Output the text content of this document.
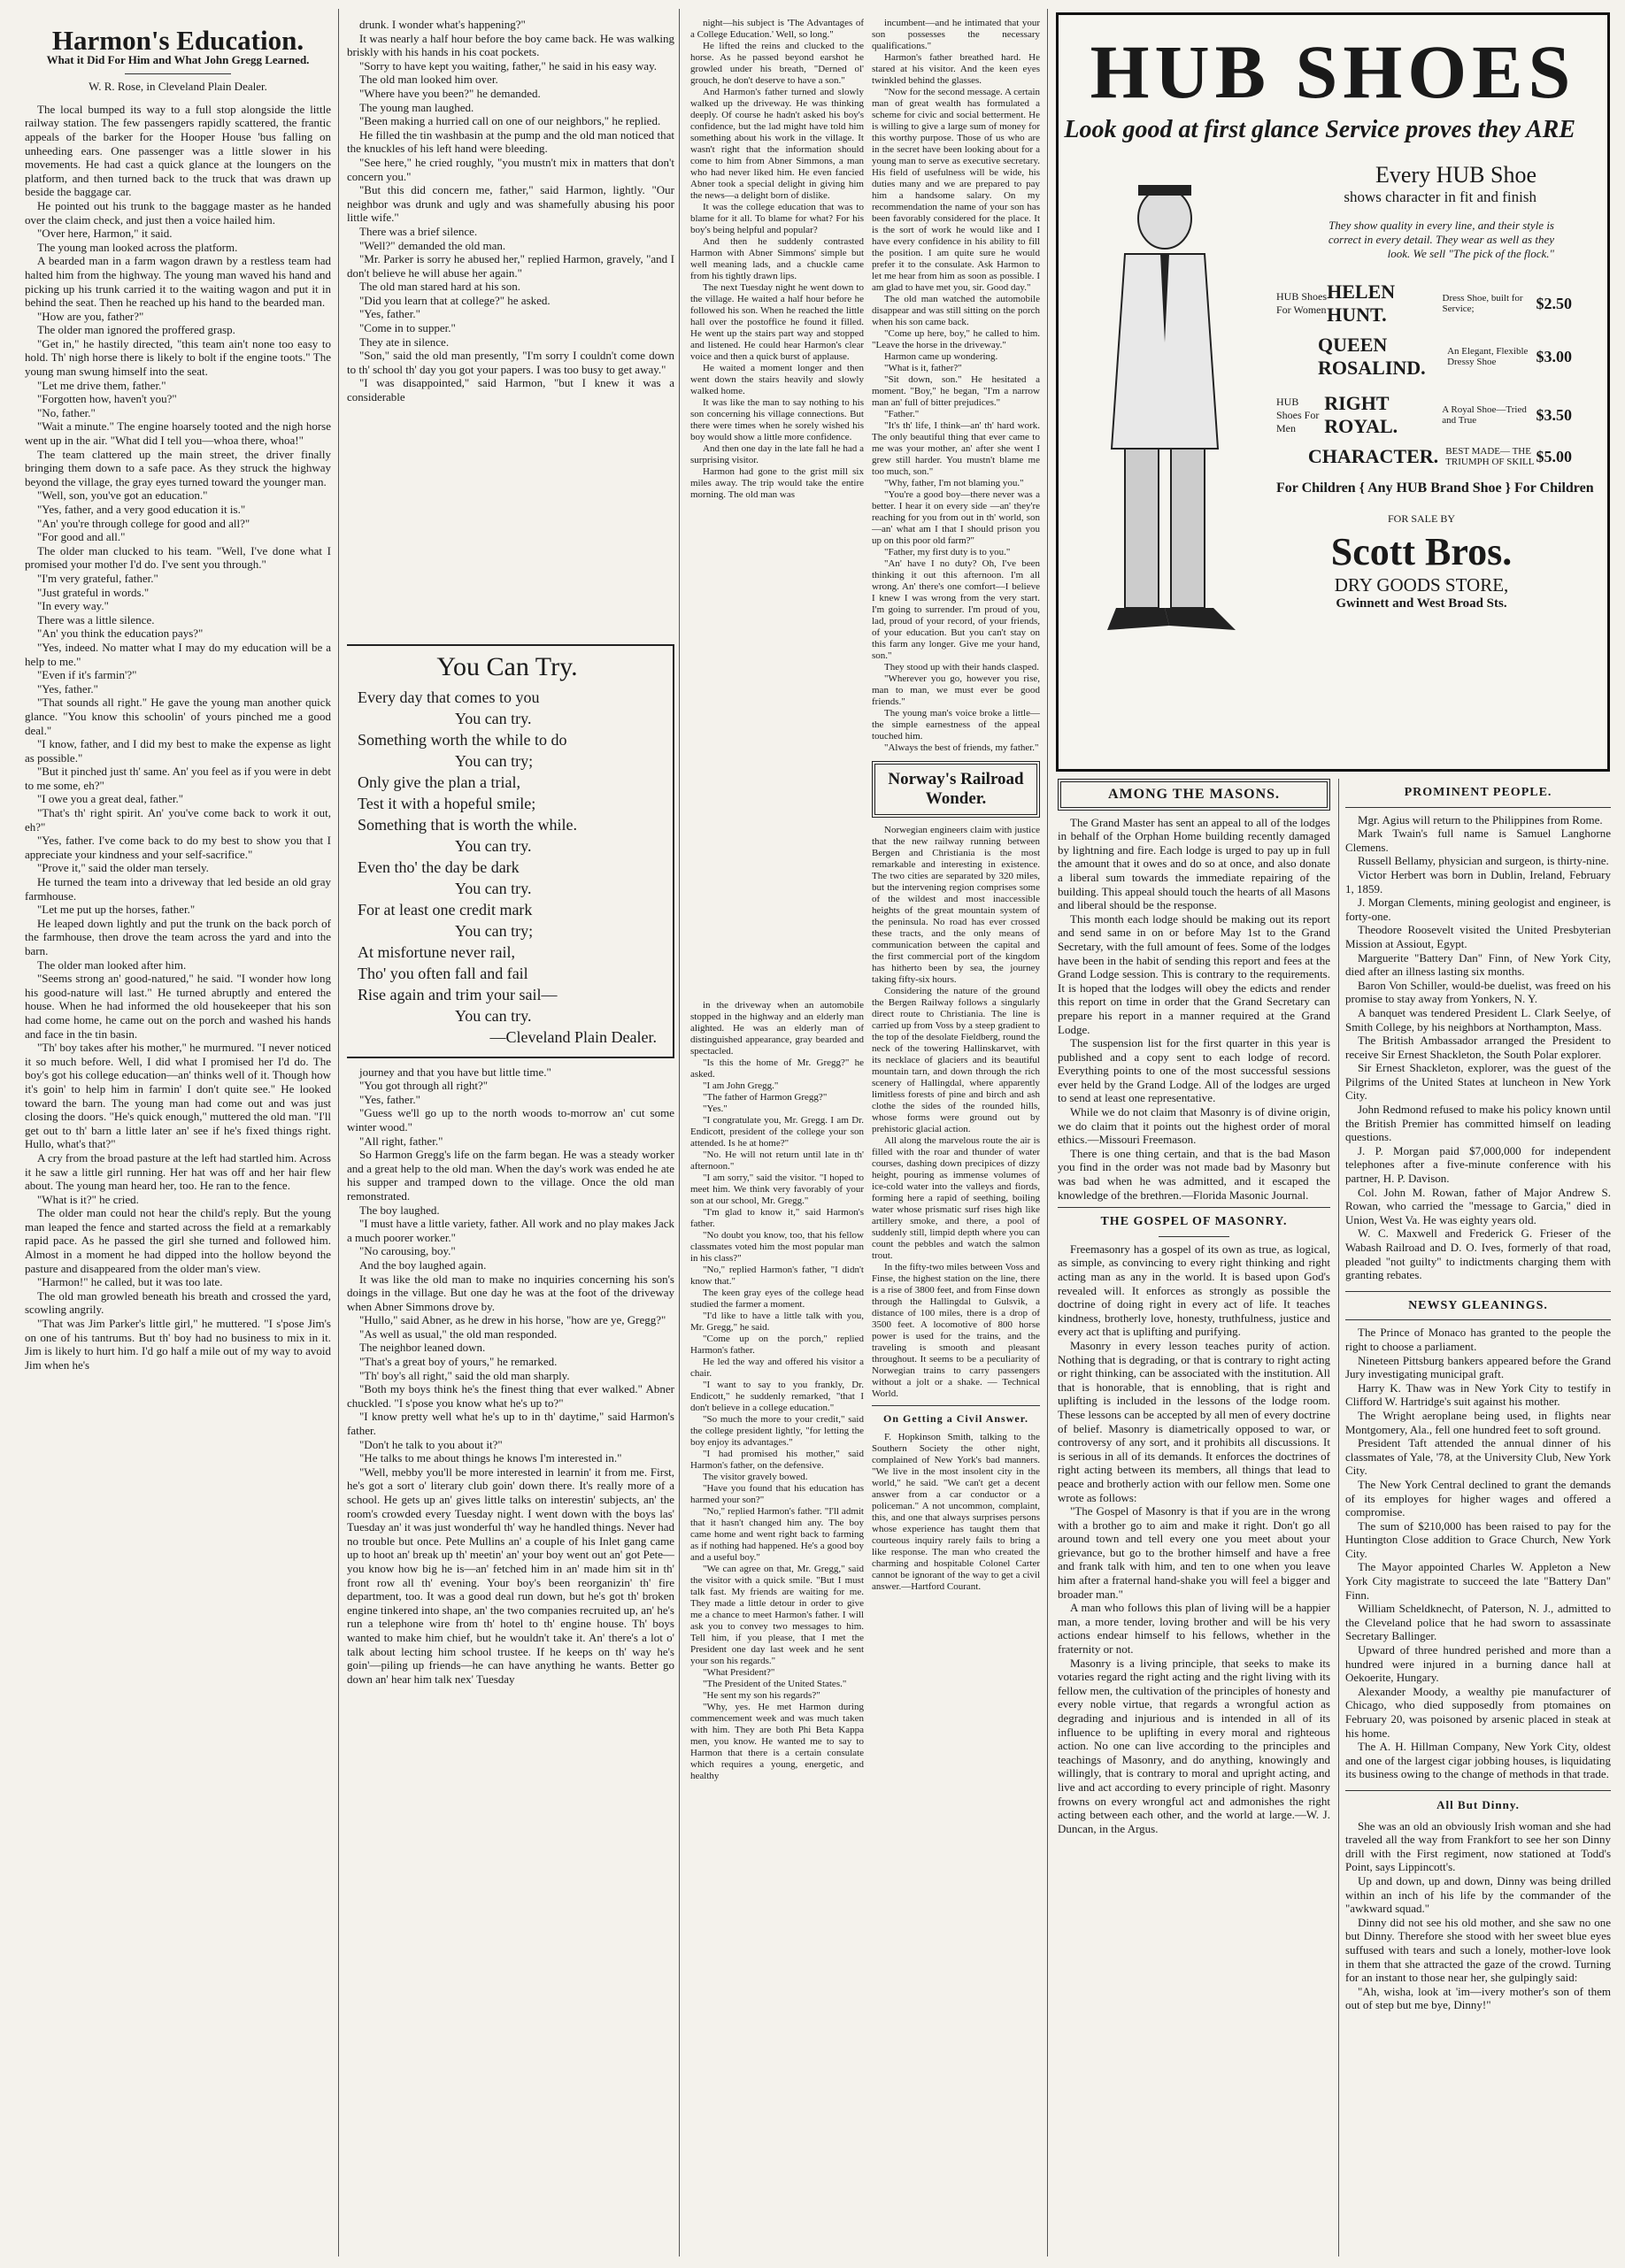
Harmon's Education.
What it Did For Him and What John Gregg Learned.
W. R. Rose, in Cleveland Plain Dealer.

The local bumped its way to a full stop alongside the little railway station. The few passengers rapidly scattered, the frantic appeals of the barker for the Hooper House 'bus falling on unheeding ears. One passenger was a little slower in his movements. He had cast a quick glance at the loungers on the platform, and then turned back to the truck that was drawn up beside the baggage car.

He pointed out his trunk to the baggage master as he handed over the claim check, and just then a voice hailed him.

"Over here, Harmon," it said.

The young man looked across the platform.

A bearded man in a farm wagon drawn by a restless team had halted him from the highway. The young man waved his hand and picking up his trunk carried it to the waiting wagon and put it in behind the seat. Then he reached up his hand to the bearded man.

"How are you, father?"

The older man ignored the proffered grasp.

"Get in," he hastily directed, "this team ain't none too easy to hold. Th' nigh horse there is likely to bolt if the engine toots." The young man swung himself into the seat.

"Let me drive them, father."

"Forgotten how, haven't you?"

"No, father."

"Wait a minute." The engine hoarsely tooted and the nigh horse went up in the air. "What did I tell you—whoa there, whoa!"

The team clattered up the main street, the driver finally bringing them down to a safe pace. As they struck the highway beyond the village, the gray eyes turned toward the younger man.

"Well, son, you've got an education."

"Yes, father, and a very good education it is."

"An' you're through college for good and all?"

"For good and all."

The older man clucked to his team. "Well, I've done what I promised your mother I'd do. I've sent you through."

"I'm very grateful, father."

"Just grateful in words."

"In every way."

There was a little silence.

"An' you think the education pays?"

"Yes, indeed. No matter what I may do my education will be a help to me."

"Even if it's farmin'?"

"Yes, father."

"That sounds all right." He gave the young man another quick glance. "You know this schoolin' of yours pinched me a good deal."

"I know, father, and I did my best to make the expense as light as possible."

"But it pinched just th' same. An' you feel as if you were in debt to me some, eh?"

"I owe you a great deal, father."

"That's th' right spirit. An' you've come back to work it out, eh?"

"Yes, father. I've come back to do my best to show you that I appreciate your kindness and your self-sacrifice."

"Prove it," said the older man tersely.

He turned the team into a driveway that led beside an old gray farmhouse.

"Let me put up the horses, father."

He leaped down lightly and put the trunk on the back porch of the farmhouse, then drove the team across the yard and into the barn.

The older man looked after him.

"Seems strong an' good-natured," he said. "I wonder how long his good-nature will last." He turned abruptly and entered the house. When he had informed the old housekeeper that his son had come home, he came out on the porch and washed his hands and face in the tin basin.

"Th' boy takes after his mother," he murmured. "I never noticed it so much before. Well, I did what I promised her I'd do. The boy's got his college education—an' thinks well of it. Though how it's goin' to help him in farmin' I don't quite see." He looked toward the barn. The young man had come out and was just closing the doors. "He's quick enough," muttered the old man. "I'll get out to th' barn a little later an' see if he's fixed things right. Hullo, what's that?"

A cry from the broad pasture at the left had startled him. Across it he saw a little girl running. Her hat was off and her hair flew about. The young man heard her, too. He ran to the fence.

"What is it?" he cried.

The older man could not hear the child's reply. But the young man leaped the fence and started across the field at a remarkably rapid pace. As he passed the girl she turned and followed him. Almost in a moment he had dipped into the hollow beyond the pasture and disappeared from the older man's view.

"Harmon!" he called, but it was too late.

The old man growled beneath his breath and crossed the yard, scowling angrily.

"That was Jim Parker's little girl," he muttered. "I s'pose Jim's on one of his tantrums. But th' boy had no business to mix in it. Jim is likely to hurt him. I'd go half a mile out of my way to avoid Jim when he's

drunk. I wonder what's happening?"

It was nearly a half hour before the boy came back. He was walking briskly with his hands in his coat pockets.

"Sorry to have kept you waiting, father," he said in his easy way.

The old man looked him over.

"Where have you been?" he demanded.

The young man laughed.

"Been making a hurried call on one of our neighbors," he replied.

He filled the tin washbasin at the pump and the old man noticed that the knuckles of his left hand were bleeding.

"See here," he cried roughly, "you mustn't mix in matters that don't concern you."

"But this did concern me, father," said Harmon, lightly. "Our neighbor was drunk and ugly and was shamefully abusing his poor little wife."

There was a brief silence.

"Well?" demanded the old man.

"Mr. Parker is sorry he abused her," replied Harmon, gravely, "and I don't believe he will abuse her again."

The old man stared hard at his son.

"Did you learn that at college?" he asked.

"Yes, father."

"Come in to supper."

They ate in silence.

"Son," said the old man presently, "I'm sorry I couldn't come down to th' school th' day you got your papers. I was too busy to get away."

"I was disappointed," said Harmon, "but I knew it was a considerable

You Can Try.
Every day that comes to you
You can try.
Something worth the while to do
You can try;
Only give the plan a trial,
Test it with a hopeful smile;
Something that is worth the while.
You can try.
Even tho' the day be dark
You can try.
For at least one credit mark
You can try;
At misfortune never rail,
Tho' you often fall and fail
Rise again and trim your sail—
You can try.
—Cleveland Plain Dealer.

journey and that you have but little time."

"You got through all right?"

"Yes, father."

"Guess we'll go up to the north woods to-morrow an' cut some winter wood."

"All right, father."

So Harmon Gregg's life on the farm began. He was a steady worker and a great help to the old man. When the day's work was ended he ate his supper and tramped down to the village. Once the old man remonstrated.

The boy laughed.

"I must have a little variety, father. All work and no play makes Jack a much poorer worker."

"No carousing, boy."

And the boy laughed again.

It was like the old man to make no inquiries concerning his son's doings in the village. But one day he was at the foot of the driveway when Abner Simmons drove by.

"Hullo," said Abner, as he drew in his horse, "how are ye, Gregg?"

"As well as usual," the old man responded.

The neighbor leaned down.

"That's a great boy of yours," he remarked.

"Th' boy's all right," said the old man sharply.

"Both my boys think he's the finest thing that ever walked." Abner chuckled. "I s'pose you know what he's up to?"

"I know pretty well what he's up to in th' daytime," said Harmon's father.

"Don't he talk to you about it?"

"He talks to me about things he knows I'm interested in."

"Well, mebby you'll be more interested in learnin' it from me. First, he's got a sort o' literary club goin' down there. It's really more of a school. He gets up an' gives little talks on interestin' subjects, an' the room's crowded every Tuesday night. I went down with the boys las' Tuesday an' it was just wonderful th' way he handled things. Never had no trouble but once. Pete Mullins an' a couple of his Inlet gang came up to hoot an' break up th' meetin' an' your boy went out an' got Pete—you know how big he is—an' fetched him in an' made him sit in th' front row all th' evening. Your boy's been reorganizin' th' fire department, too. It was a good deal run down, but he's got th' broken engine tinkered into shape, an' the two companies recruited up, an' he's run a telephone wire from th' hotel to th' engine house. Th' boys wanted to make him chief, but he wouldn't take it. An' there's a lot o' talk about lecting him school trustee. If he keeps on th' way he's goin'—piling up friends—he can have anything he wants. Better go down an' hear him talk nex' Tuesday

night—his subject is 'The Advantages of a College Education.' Well, so long."

He lifted the reins and clucked to the horse. As he passed beyond earshot he growled under his breath, "Derned ol' grouch, he don't deserve to have a son."

And Harmon's father turned and slowly walked up the driveway. He was thinking deeply. Of course he hadn't asked his boy's confidence, but the lad might have told him something about his work in the village. It wasn't right that the information should come to him from Abner Simmons, a man who had never liked him. He even fancied Abner took a special delight in giving him the news—a delight born of dislike.

It was the college education that was to blame for it all. To blame for what? For his boy's being helpful and popular?

And then he suddenly contrasted Harmon with Abner Simmons' simple but well meaning lads, and a chuckle came from his tightly drawn lips.

The next Tuesday night he went down to the village. He waited a half hour before he followed his son. When he reached the little hall over the postoffice he found it filled. He went up the stairs part way and stopped and listened. He could hear Harmon's clear voice and then a quick burst of applause.

He waited a moment longer and then went down the stairs heavily and slowly walked home.

It was like the man to say nothing to his son concerning his village connections. But there were times when he sorely wished his boy would show a little more confidence.

And then one day in the late fall he had a surprising visitor.

Harmon had gone to the grist mill six miles away. The trip would take the entire morning. The old man was

in the driveway when an automobile stopped in the highway and an elderly man alighted. He was an elderly man of distinguished appearance, gray bearded and spectacled.

"Is this the home of Mr. Gregg?" he asked.

"I am John Gregg."

"The father of Harmon Gregg?"

"Yes."

"I congratulate you, Mr. Gregg. I am Dr. Endicott, president of the college your son attended. Is he at home?"

"No. He will not return until late in th' afternoon."

"I am sorry," said the visitor. "I hoped to meet him. We think very favorably of your son at our school, Mr. Gregg."

"I'm glad to know it," said Harmon's father.

"No doubt you know, too, that his fellow classmates voted him the most popular man in his class?"

"No," replied Harmon's father, "I didn't know that."

The keen gray eyes of the college head studied the farmer a moment.

"I'd like to have a little talk with you, Mr. Gregg," he said.

"Come up on the porch," replied Harmon's father.

He led the way and offered his visitor a chair.

"I want to say to you frankly, Dr. Endicott," he suddenly remarked, "that I don't believe in a college education."

"So much the more to your credit," said the college president lightly, "for letting the boy enjoy its advantages."

"I had promised his mother," said Harmon's father, on the defensive.

The visitor gravely bowed.

"Have you found that his education has harmed your son?"

"No," replied Harmon's father. "I'll admit that it hasn't changed him any. The boy came home and went right back to farming as if nothing had happened. He's a good boy and a useful boy."

"We can agree on that, Mr. Gregg," said the visitor with a quick smile. "But I must talk fast. My friends are waiting for me. They made a little detour in order to give me a chance to meet Harmon's father. I will ask you to convey two messages to him. Tell him, if you please, that I met the President one day last week and he sent your son his regards."

"What President?"

"The President of the United States."

"He sent my son his regards?"

"Why, yes. He met Harmon during commencement week and was much taken with him. They are both Phi Beta Kappa men, you know. He wanted me to say to Harmon that there is a certain consulate which requires a young, energetic, and healthy

HUB SHOES
Look good at first glance Service proves they ARE
Every HUB Shoe
shows character in fit and finish
They show quality in every line, and their style is correct in every detail. They wear as well as they look. We sell "The pick of the flock."
HUB Shoes For Women
HELEN HUNT.
Dress Shoe, built for Service;	$2.50
QUEEN ROSALIND.
An Elegant, Flexible Dressy Shoe	$3.00
HUB Shoes For Men
RIGHT ROYAL.
A Royal Shoe—Tried and True	$3.50
CHARACTER. BEST MADE— THE TRIUMPH OF SKILL $5.00
For Children { Any HUB Brand Shoe } For Children
FOR SALE BY
Scott Bros.
DRY GOODS STORE,
Gwinnett and West Broad Sts.
AMONG THE MASONS.

The Grand Master has sent an appeal to all of the lodges in behalf of the Orphan Home building recently damaged by lightning and fire. Each lodge is urged to pay up in full the amount that it owes and do so at once, and also donate a liberal sum towards the immediate repairing of the building. This appeal should touch the hearts of all Masons and liberal should be the response.

This month each lodge should be making out its report and send same in on or before May 1st to the Grand Secretary, with the full amount of fees. Some of the lodges have been in the habit of sending this report and fees at the Grand Lodge session. This is contrary to the requirements. It is hoped that the lodges will obey the edicts and render this report on time in order that the Grand Secretary can prepare his report in a manner required at the Grand Lodge.

The suspension list for the first quarter in this year is published and a copy sent to each lodge of record. Everything points to one of the most successful sessions ever held by the Grand Lodge. All of the lodges are urged to send at least one representative.

While we do not claim that Masonry is of divine origin, we do claim that it points out the highest order of moral ethics.—Missouri Freemason.

There is one thing certain, and that is the bad Mason you find in the order was not made bad by Masonry but was bad when he was admitted, and it escaped the knowledge of the brethren.—Florida Masonic Journal.

THE GOSPEL OF MASONRY.

Freemasonry has a gospel of its own as true, as logical, as simple, as convincing to every right thinking and right acting man as any in the world. It is based upon God's revealed will. It enforces as strongly as possible the doctrine of doing right in every act of life. It teaches kindness, brotherly love, honesty, truthfulness, justice and every act that is uplifting and purifying.

Masonry in every lesson teaches purity of action. Nothing that is degrading, or that is contrary to right acting or right thinking, can be associated with the institution. All that is honorable, that is ennobling, that is right and uplifting is included in the lessons of the lodge room. These lessons can be accepted by all men of every doctrine of belief. Masonry is diametrically opposed to war, or controversy of any sort, and it prohibits all discussions. It is serious in all of its demands. It enforces the doctrines of right acting between its members, all things that lead to peace and brotherly action with our fellow men. Some one wrote as follows:

"The Gospel of Masonry is that if you are in the wrong with a brother go to aim and make it right. Don't go all around town and tell every one you meet about your grievance, but go to the brother himself and have a free and frank talk with him, and ten to one when you leave him after a fraternal hand-shake you will feel a bigger and broader man."

A man who follows this plan of living will be a happier man, a more tender, loving brother and will be his very actions endear himself to his fellows, whether in the fraternity or not.

Masonry is a living principle, that seeks to make its votaries regard the right acting and the right living with its fellow men, the cultivation of the principles of honesty and every noble virtue, that regards a wrongful action as degrading and injurious and is intended in all of its influence to be uplifting in every moral and righteous action. No one can live according to the principles and teachings of Masonry, and do anything, knowingly and willingly, that is contrary to moral and upright acting, and live and act according to every principle of right. Masonry frowns on every wrongful act and admonishes the right acting between each other, and the world at large.—W. J. Duncan, in the Argus.

PROMINENT PEOPLE.

Mgr. Agius will return to the Philippines from Rome.

Mark Twain's full name is Samuel Langhorne Clemens.

Russell Bellamy, physician and surgeon, is thirty-nine.

Victor Herbert was born in Dublin, Ireland, February 1, 1859.

J. Morgan Clements, mining geologist and engineer, is forty-one.

Theodore Roosevelt visited the United Presbyterian Mission at Assiout, Egypt.

Marguerite "Battery Dan" Finn, of New York City, died after an illness lasting six months.

Baron Von Schiller, would-be duelist, was freed on his promise to stay away from Yonkers, N. Y.

A banquet was tendered President L. Clark Seelye, of Smith College, by his neighbors at Northampton, Mass.

The British Ambassador arranged the President to receive Sir Ernest Shackleton, the South Polar explorer.

Sir Ernest Shackleton, explorer, was the guest of the Pilgrims of the United States at luncheon in New York City.

John Redmond refused to make his policy known until the British Premier has committed himself on leading questions.

J. P. Morgan paid $7,000,000 for independent telephones after a five-minute conference with his partner, H. P. Davison.

Col. John M. Rowan, father of Major Andrew S. Rowan, who carried the "message to Garcia," died in Union, West Va. He was eighty years old.

W. C. Maxwell and Frederick G. Frieser of the Wabash Railroad and D. O. Ives, formerly of that road, pleaded "not guilty" to indictments charging them with granting rebates.

NEWSY GLEANINGS.

The Prince of Monaco has granted to the people the right to choose a parliament.

Nineteen Pittsburg bankers appeared before the Grand Jury investigating municipal graft.

Harry K. Thaw was in New York City to testify in Clifford W. Hartridge's suit against his mother.

The Wright aeroplane being used, in flights near Montgomery, Ala., fell one hundred feet to soft ground.

President Taft attended the annual dinner of his classmates of Yale, '78, at the University Club, New York City.

The New York Central declined to grant the demands of its employes for higher wages and offered a compromise.

The sum of $210,000 has been raised to pay for the Huntington Close addition to Grace Church, New York City.

The Mayor appointed Charles W. Appleton a New York City magistrate to succeed the late "Battery Dan" Finn.

William Scheldknecht, of Paterson, N. J., admitted to the Cleveland police that he had sworn to assassinate Secretary Ballinger.

Upward of three hundred perished and more than a hundred were injured in a burning dance hall at Oekoerite, Hungary.

Alexander Moody, a wealthy pie manufacturer of Chicago, who died supposedly from ptomaines on February 20, was poisoned by arsenic placed in steak at his home.

The A. H. Hillman Company, New York City, oldest and one of the largest cigar jobbing houses, is liquidating its business owing to the change of methods in that trade.

All But Dinny.

She was an old an obviously Irish woman and she had traveled all the way from Frankfort to see her son Dinny drill with the First regiment, now stationed at Todd's Point, says Lippincott's.

Up and down, up and down, Dinny was being drilled within an inch of his life by the commander of the "awkward squad."

Dinny did not see his old mother, and she saw no one but Dinny. Therefore she stood with her sweet blue eyes suffused with tears and such a lonely, mother-love look in them that she attracted the gaze of the crowd. Turning for an instant to those near her, she gulpingly said:

"Ah, wisha, look at 'im—ivery mother's son of them out of step but me bye, Dinny!"

incumbent—and he intimated that your son possesses the necessary qualifications."

Harmon's father breathed hard. He stared at his visitor. And the keen eyes twinkled behind the glasses.

"Now for the second message. A certain man of great wealth has formulated a scheme for civic and social betterment. He is willing to give a large sum of money for this worthy purpose. Those of us who are in the secret have been looking about for a young man to serve as executive secretary. His field of usefulness will be wide, his duties many and we are prepared to pay him a handsome salary. On my recommendation the name of your son has been favorably considered for the place. It is the sort of work he would like and I have every confidence in his ability to fill the position. I am quite sure he would prefer it to the consulate. Ask Harmon to let me hear from him as soon as possible. I am glad to have met you, sir. Good day."

The old man watched the automobile disappear and was still sitting on the porch when his son came back.

"Come up here, boy," he called to him. "Leave the horse in the driveway."

Harmon came up wondering.

"What is it, father?"

"Sit down, son." He hesitated a moment. "Boy," he began, "I'm a narrow man an' full of bitter prejudices."

"Father."

"It's th' life, I think—an' th' hard work. The only beautiful thing that ever came to me was your mother, an' after she went I grew still harder. You mustn't blame me too much, son."

"Why, father, I'm not blaming you."

"You're a good boy—there never was a better. I hear it on every side —an' they're reaching for you from out in th' world, son—an' what am I that I should prison you up on this poor old farm?"

"Father, my first duty is to you."

"An' have I no duty? Oh, I've been thinking it out this afternoon. I'm all wrong. An' there's one comfort—I believe I knew I was wrong from the very start. I'm going to surrender. I'm proud of you, lad, proud of your record, of your friends, of your education. But you can't stay on this farm any longer. Give me your hand, son."

They stood up with their hands clasped.

"Wherever you go, however you rise, man to man, we must ever be good friends."

The young man's voice broke a little—the simple earnestness of the appeal touched him.

"Always the best of friends, my father."

Norway's Railroad Wonder.

Norwegian engineers claim with justice that the new railway running between Bergen and Christiania is the most remarkable and interesting in existence. The two cities are separated by 320 miles, but the intervening region comprises some of the wildest and most inaccessible heights of the great mountain system of the peninsula. No road has ever crossed these tracts, and the only means of communication between the capital and the first commercial port of the kingdom has hitherto been by sea, the journey taking fifty-six hours.

Considering the nature of the ground the Bergen Railway follows a singularly direct route to Christiania. The line is carried up from Voss by a steep gradient to the top of the desolate Fieldberg, round the neck of the towering Hallinskarvet, with its necklace of glaciers and its beautiful mountain tarn, and down through the rich scenery of Hallingdal, where apparently limitless forests of pine and birch and ash clothe the sides of the rounded hills, whose forms were ground out by prehistoric glacial action.

All along the marvelous route the air is filled with the roar and thunder of water courses, dashing down precipices of dizzy height, pouring as immense volumes of ice-cold water into the valleys and fiords, forming here a rapid of seething, boiling water whose prismatic surf rises high like artillery smoke, and there, a pool of suddenly still, limpid depth where you can count the pebbles and watch the salmon trout.

In the fifty-two miles between Voss and Finse, the highest station on the line, there is a rise of 3800 feet, and from Finse down through the Hallingdal to Gulsvik, a distance of 100 miles, there is a drop of 3500 feet. A locomotive of 800 horse power is used for the trains, and the traveling is smooth and pleasant throughout. It seems to be a peculiarity of Norwegian trains to carry passengers without a jolt or a shake. — Technical World.

On Getting a Civil Answer.

F. Hopkinson Smith, talking to the Southern Society the other night, complained of New York's bad manners. "We live in the most insolent city in the world," he said. "We can't get a decent answer from a car conductor or a policeman." A not uncommon, complaint, this, and one that always surprises persons whose experience has taught them that courteous inquiry rarely fails to bring a like response. The man who created the charming and hospitable Colonel Carter cannot be ignorant of the way to get a civil answer.—Hartford Courant.
